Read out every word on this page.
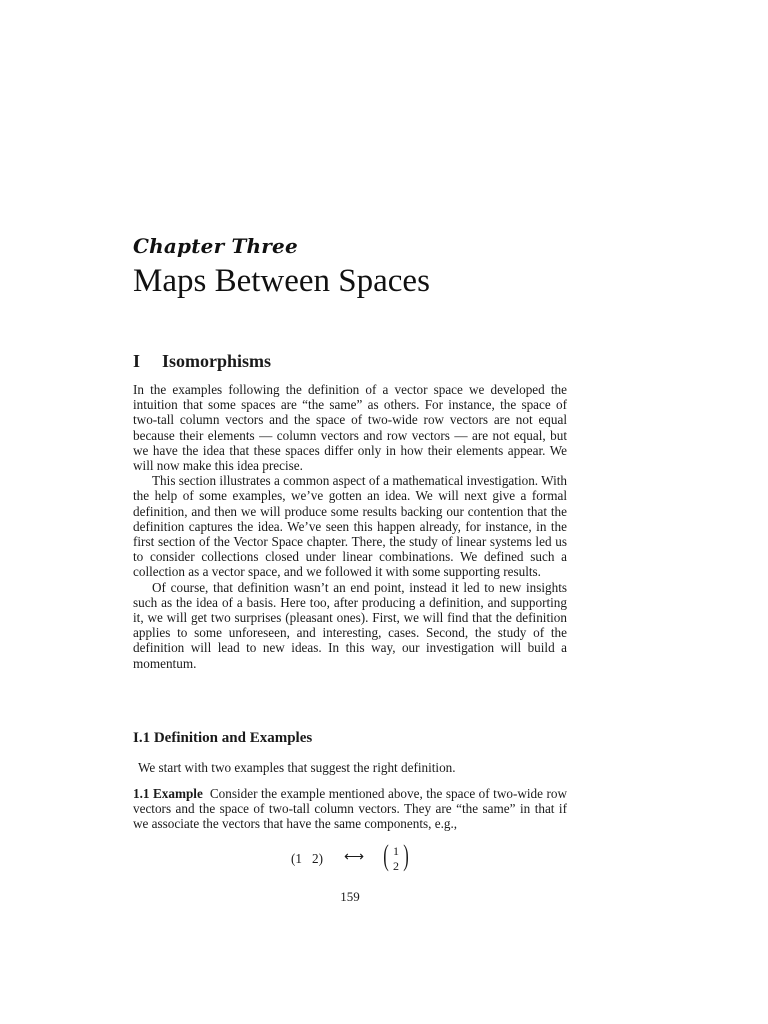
Chapter Three
Maps Between Spaces
I Isomorphisms

In the examples following the definition of a vector space we developed the intuition that some spaces are “the same” as others. For instance, the space of two-tall column vectors and the space of two-wide row vectors are not equal because their elements — column vectors and row vectors — are not equal, but we have the idea that these spaces differ only in how their elements appear. We will now make this idea precise.

This section illustrates a common aspect of a mathematical investigation. With the help of some examples, we’ve gotten an idea. We will next give a formal definition, and then we will produce some results backing our contention that the definition captures the idea. We’ve seen this happen already, for instance, in the first section of the Vector Space chapter. There, the study of linear systems led us to consider collections closed under linear combinations. We defined such a collection as a vector space, and we followed it with some supporting results.

Of course, that definition wasn’t an end point, instead it led to new insights such as the idea of a basis. Here too, after producing a definition, and supporting it, we will get two surprises (pleasant ones). First, we will find that the definition applies to some unforeseen, and interesting, cases. Second, the study of the definition will lead to new ideas. In this way, our investigation will build a momentum.

I.1 Definition and Examples

We start with two examples that suggest the right definition.

1.1 Example Consider the example mentioned above, the space of two-wide row vectors and the space of two-tall column vectors. They are “the same” in that if we associate the vectors that have the same components, e.g.,

(1 2) ⟷ ( 1
2 )
159
